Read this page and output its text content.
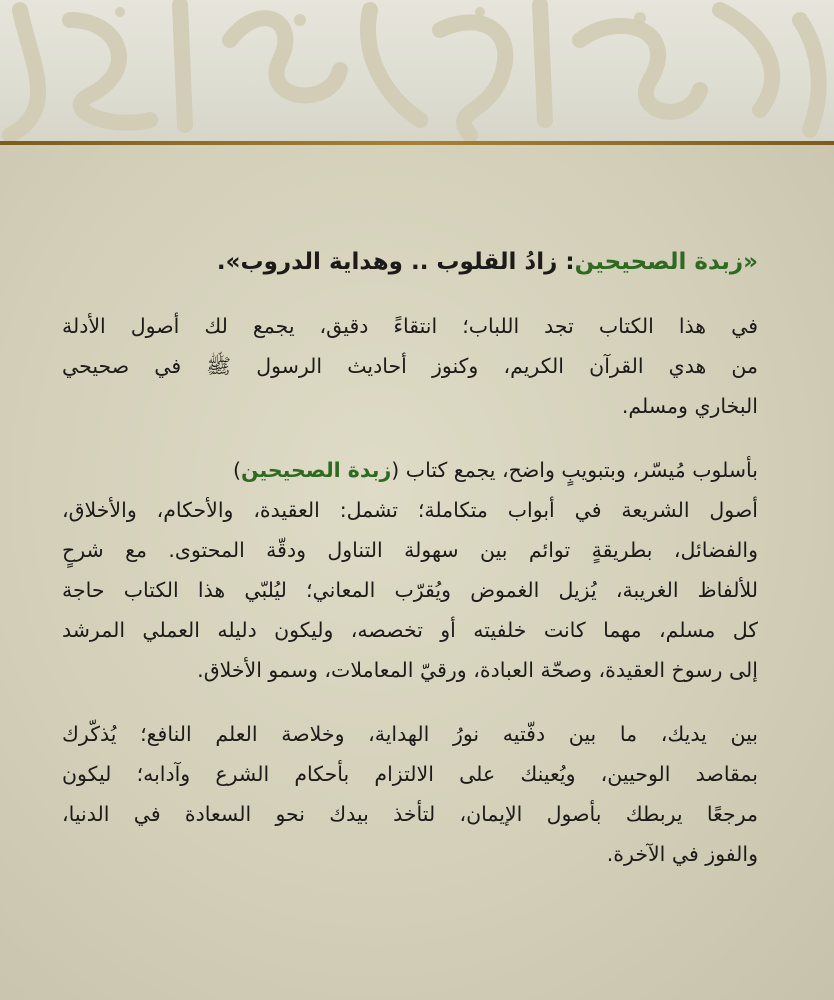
«زبدة الصحيحين: زادُ القلوب .. وهداية الدروب».
في هذا الكتاب تجد اللباب؛ انتقاءً دقيق، يجمع لك أصول الأدلة
من هدي القرآن الكريم، وكنوز أحاديث الرسول ﷺ في صحيحي
البخاري ومسلم.
بأسلوب مُيسّر، وبتبويبٍ واضح، يجمع كتاب (زبدة الصحيحين)
أصول الشريعة في أبواب متكاملة؛ تشمل: العقيدة، والأحكام، والأخلاق،
والفضائل، بطريقةٍ توائم بين سهولة التناول ودقّة المحتوى. مع شرحٍ
للألفاظ الغريبة، يُزيل الغموض ويُقرّب المعاني؛ ليُلبّي هذا الكتاب حاجة
كل مسلم، مهما كانت خلفيته أو تخصصه، وليكون دليله العملي المرشد
إلى رسوخ العقيدة، وصحّة العبادة، ورقيّ المعاملات، وسمو الأخلاق.
بين يديك، ما بين دفّتيه نورُ الهداية، وخلاصة العلم النافع؛ يُذكّرك
بمقاصد الوحيين، ويُعينك على الالتزام بأحكام الشرع وآدابه؛ ليكون
مرجعًا يربطك بأصول الإيمان، لتأخذ بيدك نحو السعادة في الدنيا،
والفوز في الآخرة.
